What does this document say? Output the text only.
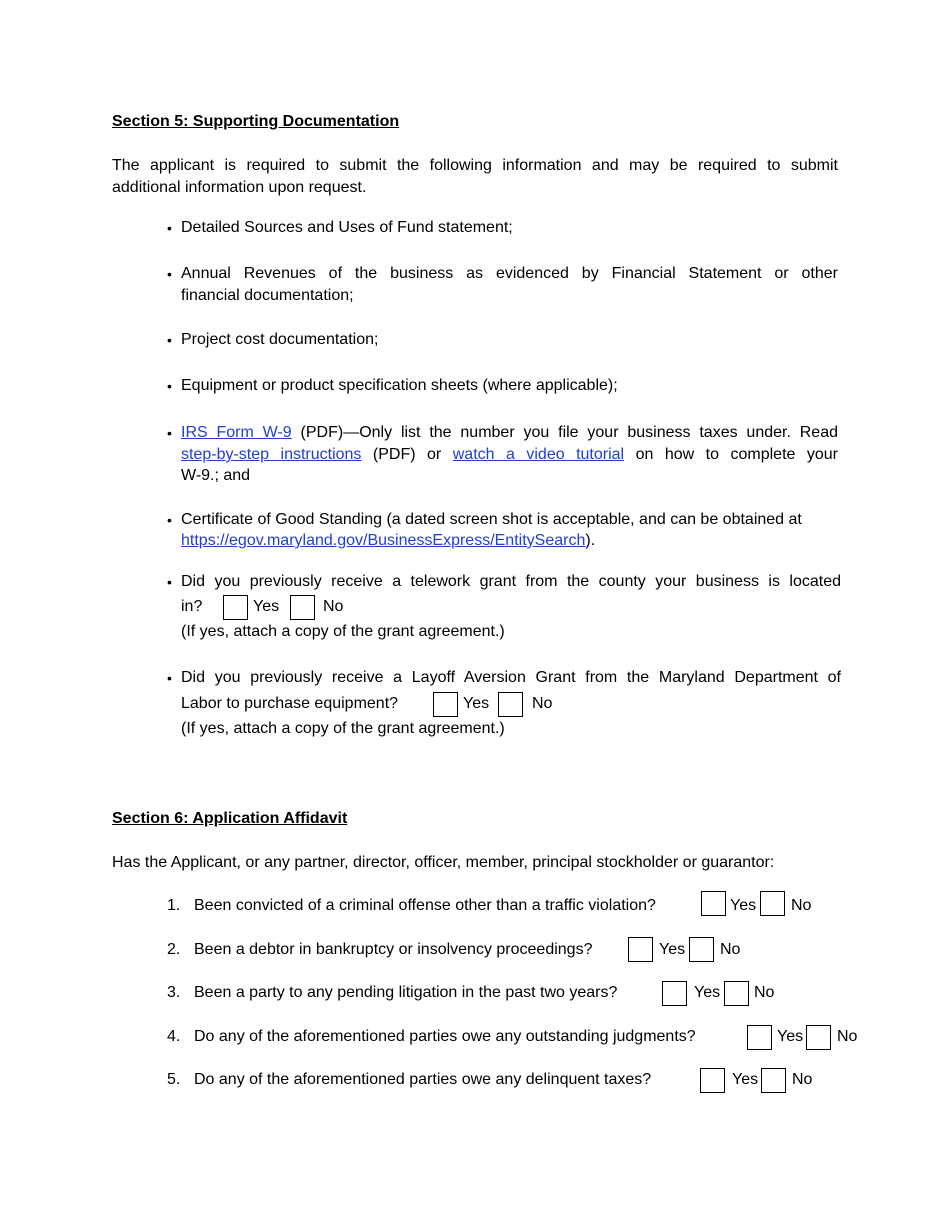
Section 5: Supporting Documentation
The applicant is required to submit the following information and may be required to submit
additional information upon request.
• Detailed Sources and Uses of Fund statement;
• Annual Revenues of the business as evidenced by Financial Statement or other
financial documentation;
• Project cost documentation;
• Equipment or product specification sheets (where applicable);
• IRS Form W-9 (PDF)—Only list the number you file your business taxes under. Read
step-by-step instructions (PDF) or watch a video tutorial on how to complete your
W-9.; and
• Certificate of Good Standing (a dated screen shot is acceptable, and can be obtained at
https://egov.maryland.gov/BusinessExpress/EntitySearch).
• Did you previously receive a telework grant from the county your business is located
in?	Yes	No
(If yes, attach a copy of the grant agreement.)
• Did you previously receive a Layoff Aversion Grant from the Maryland Department of
Labor to purchase equipment?	Yes	No
(If yes, attach a copy of the grant agreement.)
Section 6: Application Affidavit
Has the Applicant, or any partner, director, officer, member, principal stockholder or guarantor:
1. Been convicted of a criminal offense other than a traffic violation?	Yes No
2. Been a debtor in bankruptcy or insolvency proceedings?	Yes No
3. Been a party to any pending litigation in the past two years?	Yes No
4. Do any of the aforementioned parties owe any outstanding judgments?	Yes No
5. Do any of the aforementioned parties owe any delinquent taxes?	Yes No
